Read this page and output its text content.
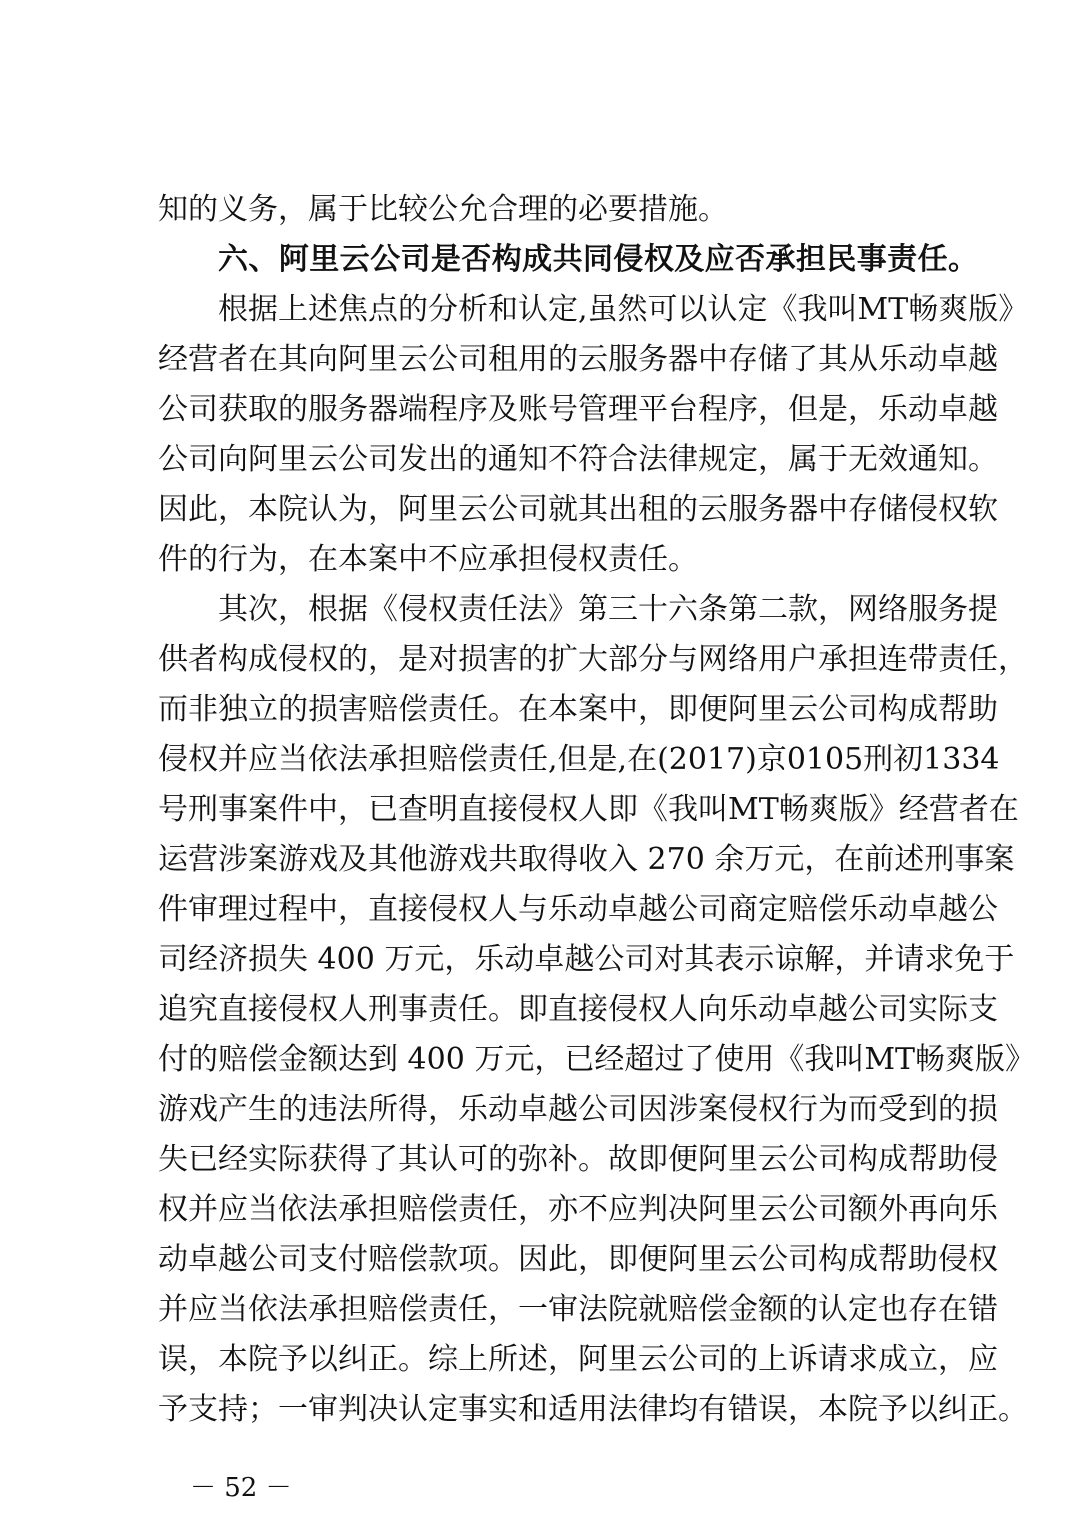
知的义务，属于比较公允合理的必要措施。
六、阿里云公司是否构成共同侵权及应否承担民事责任。
根据上述焦点的分析和认定,虽然可以认定《我叫MT畅爽版》
经营者在其向阿里云公司租用的云服务器中存储了其从乐动卓越
公司获取的服务器端程序及账号管理平台程序，但是，乐动卓越
公司向阿里云公司发出的通知不符合法律规定，属于无效通知。
因此，本院认为，阿里云公司就其出租的云服务器中存储侵权软
件的行为，在本案中不应承担侵权责任。
其次，根据《侵权责任法》第三十六条第二款，网络服务提
供者构成侵权的，是对损害的扩大部分与网络用户承担连带责任，
而非独立的损害赔偿责任。在本案中，即便阿里云公司构成帮助
侵权并应当依法承担赔偿责任,但是,在(2017)京0105刑初1334
号刑事案件中，已查明直接侵权人即《我叫MT畅爽版》经营者在
运营涉案游戏及其他游戏共取得收入 270 余万元，在前述刑事案
件审理过程中，直接侵权人与乐动卓越公司商定赔偿乐动卓越公
司经济损失 400 万元，乐动卓越公司对其表示谅解，并请求免于
追究直接侵权人刑事责任。即直接侵权人向乐动卓越公司实际支
付的赔偿金额达到 400 万元，已经超过了使用《我叫MT畅爽版》
游戏产生的违法所得，乐动卓越公司因涉案侵权行为而受到的损
失已经实际获得了其认可的弥补。故即便阿里云公司构成帮助侵
权并应当依法承担赔偿责任，亦不应判决阿里云公司额外再向乐
动卓越公司支付赔偿款项。因此，即便阿里云公司构成帮助侵权
并应当依法承担赔偿责任，一审法院就赔偿金额的认定也存在错
误，本院予以纠正。综上所述，阿里云公司的上诉请求成立，应
予支持；一审判决认定事实和适用法律均有错误，本院予以纠正。
－ 52 －
